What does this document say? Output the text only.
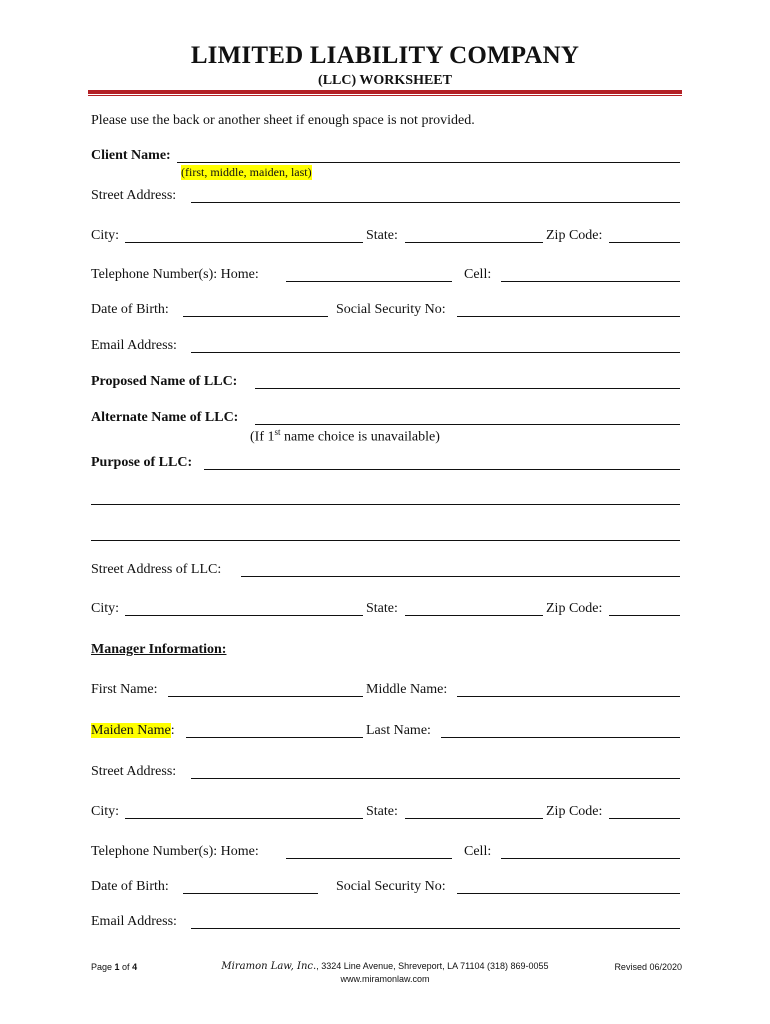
LIMITED LIABILITY COMPANY
(LLC) WORKSHEET
Please use the back or another sheet if enough space is not provided.
Client Name:
(first, middle, maiden, last)
Street Address:
City:	State:	Zip Code:
Telephone Number(s): Home:	Cell:
Date of Birth:	Social Security No:
Email Address:
Proposed Name of LLC:
Alternate Name of LLC:
(If 1st name choice is unavailable)
Purpose of LLC:
Street Address of LLC:
City:	State:	Zip Code:
Manager Information:
First Name:	Middle Name:
Maiden Name:	Last Name:
Street Address:
City:	State:	Zip Code:
Telephone Number(s): Home:	Cell:
Date of Birth:	Social Security No:
Email Address:
Page 1 of 4	Miramon Law, Inc., 3324 Line Avenue, Shreveport, LA 71104 (318) 869-0055
www.miramonlaw.com
Revised 06/2020
